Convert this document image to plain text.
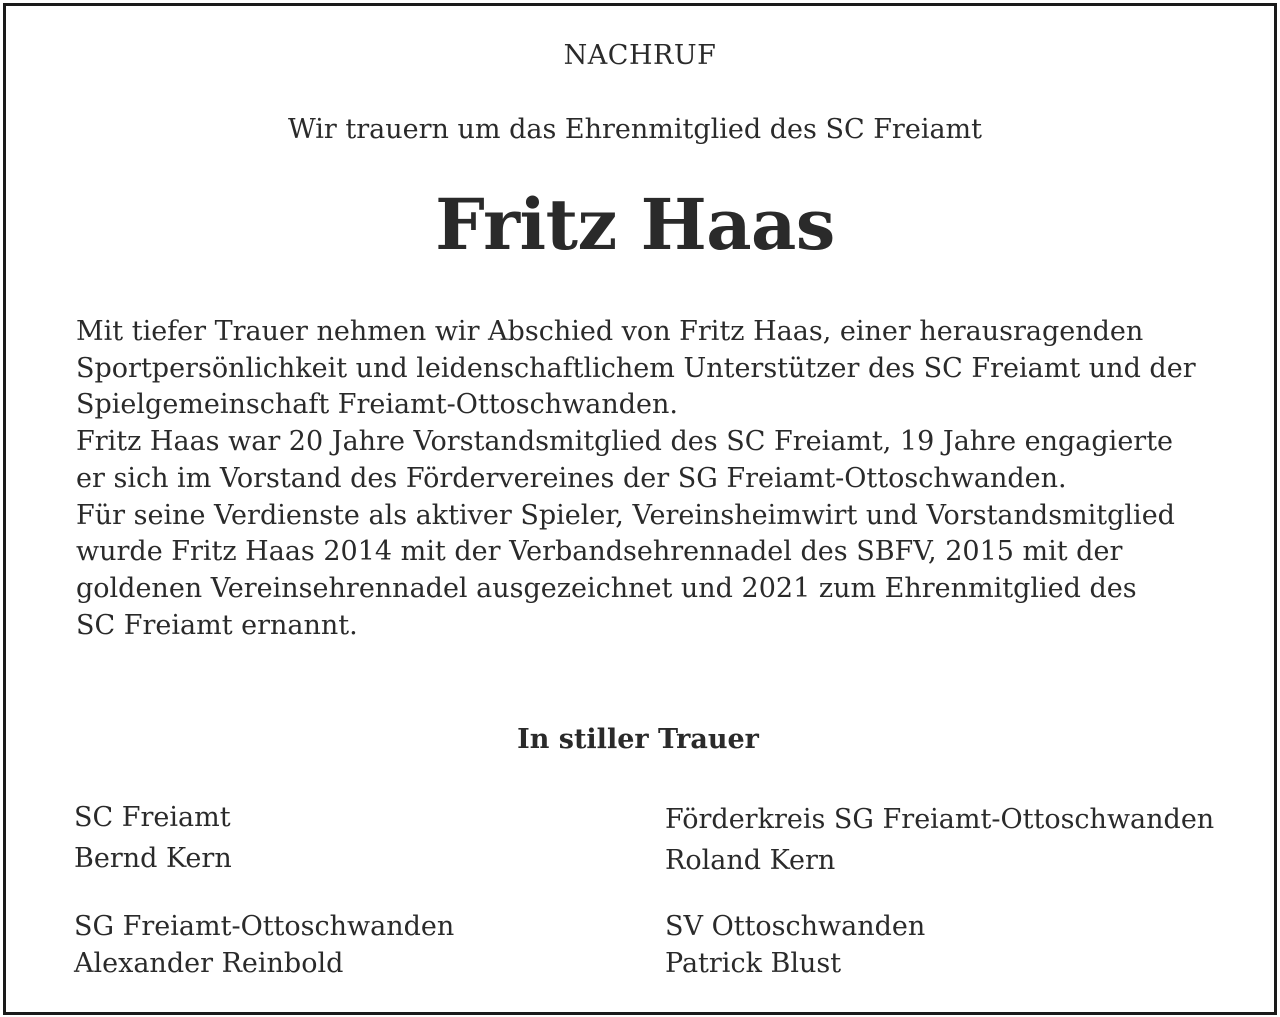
NACHRUF
Wir trauern um das Ehrenmitglied des SC Freiamt
Fritz Haas
Mit tiefer Trauer nehmen wir Abschied von Fritz Haas, einer herausragenden
Sportpersönlichkeit und leidenschaftlichem Unterstützer des SC Freiamt und der
Spielgemeinschaft Freiamt-Ottoschwanden.
Fritz Haas war 20 Jahre Vorstandsmitglied des SC Freiamt, 19 Jahre engagierte
er sich im Vorstand des Fördervereines der SG Freiamt-Ottoschwanden.
Für seine Verdienste als aktiver Spieler, Vereinsheimwirt und Vorstandsmitglied
wurde Fritz Haas 2014 mit der Verbandsehrennadel des SBFV, 2015 mit der
goldenen Vereinsehrennadel ausgezeichnet und 2021 zum Ehrenmitglied des
SC Freiamt ernannt.
In stiller Trauer
SC Freiamt
Bernd Kern
Förderkreis SG Freiamt-Ottoschwanden
Roland Kern
SG Freiamt-Ottoschwanden
Alexander Reinbold
SV Ottoschwanden
Patrick Blust
